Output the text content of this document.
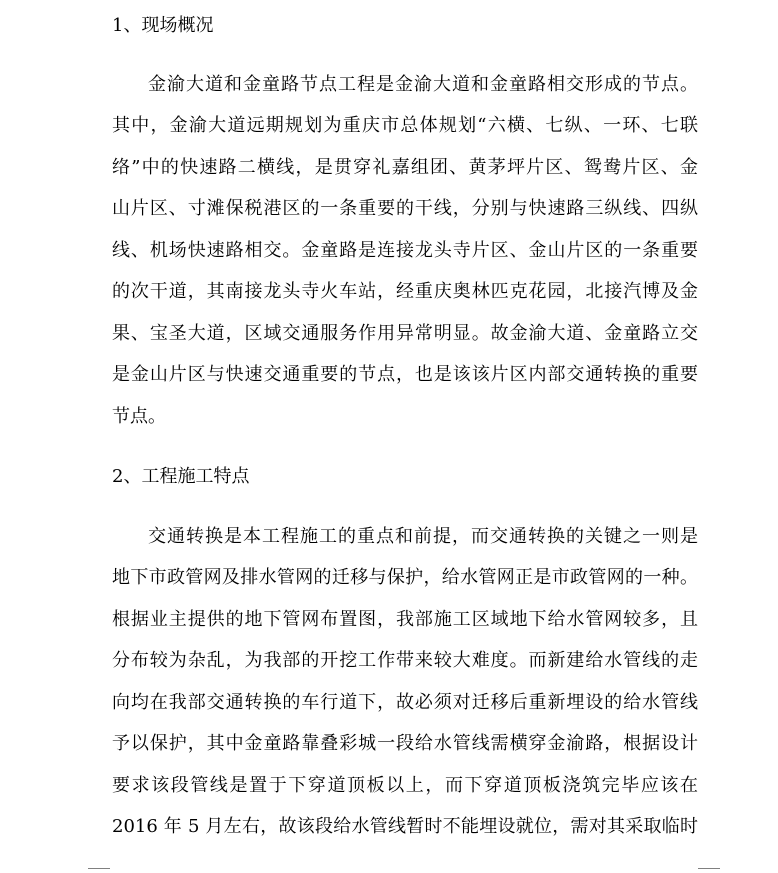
1、现场概况
金渝大道和金童路节点工程是金渝大道和金童路相交形成的节点。
其中，金渝大道远期规划为重庆市总体规划“六横、七纵、一环、七联
络”中的快速路二横线，是贯穿礼嘉组团、黄茅坪片区、鸳鸯片区、金
山片区、寸滩保税港区的一条重要的干线，分别与快速路三纵线、四纵
线、机场快速路相交。金童路是连接龙头寺片区、金山片区的一条重要
的次干道，其南接龙头寺火车站，经重庆奥林匹克花园，北接汽博及金
果、宝圣大道，区域交通服务作用异常明显。故金渝大道、金童路立交
是金山片区与快速交通重要的节点，也是该该片区内部交通转换的重要
节点。
2、工程施工特点
交通转换是本工程施工的重点和前提，而交通转换的关键之一则是
地下市政管网及排水管网的迁移与保护，给水管网正是市政管网的一种。
根据业主提供的地下管网布置图，我部施工区域地下给水管网较多，且
分布较为杂乱，为我部的开挖工作带来较大难度。而新建给水管线的走
向均在我部交通转换的车行道下，故必须对迁移后重新埋设的给水管线
予以保护，其中金童路靠叠彩城一段给水管线需横穿金渝路，根据设计
要求该段管线是置于下穿道顶板以上，而下穿道顶板浇筑完毕应该在
2016 年 5 月左右，故该段给水管线暂时不能埋设就位，需对其采取临时
